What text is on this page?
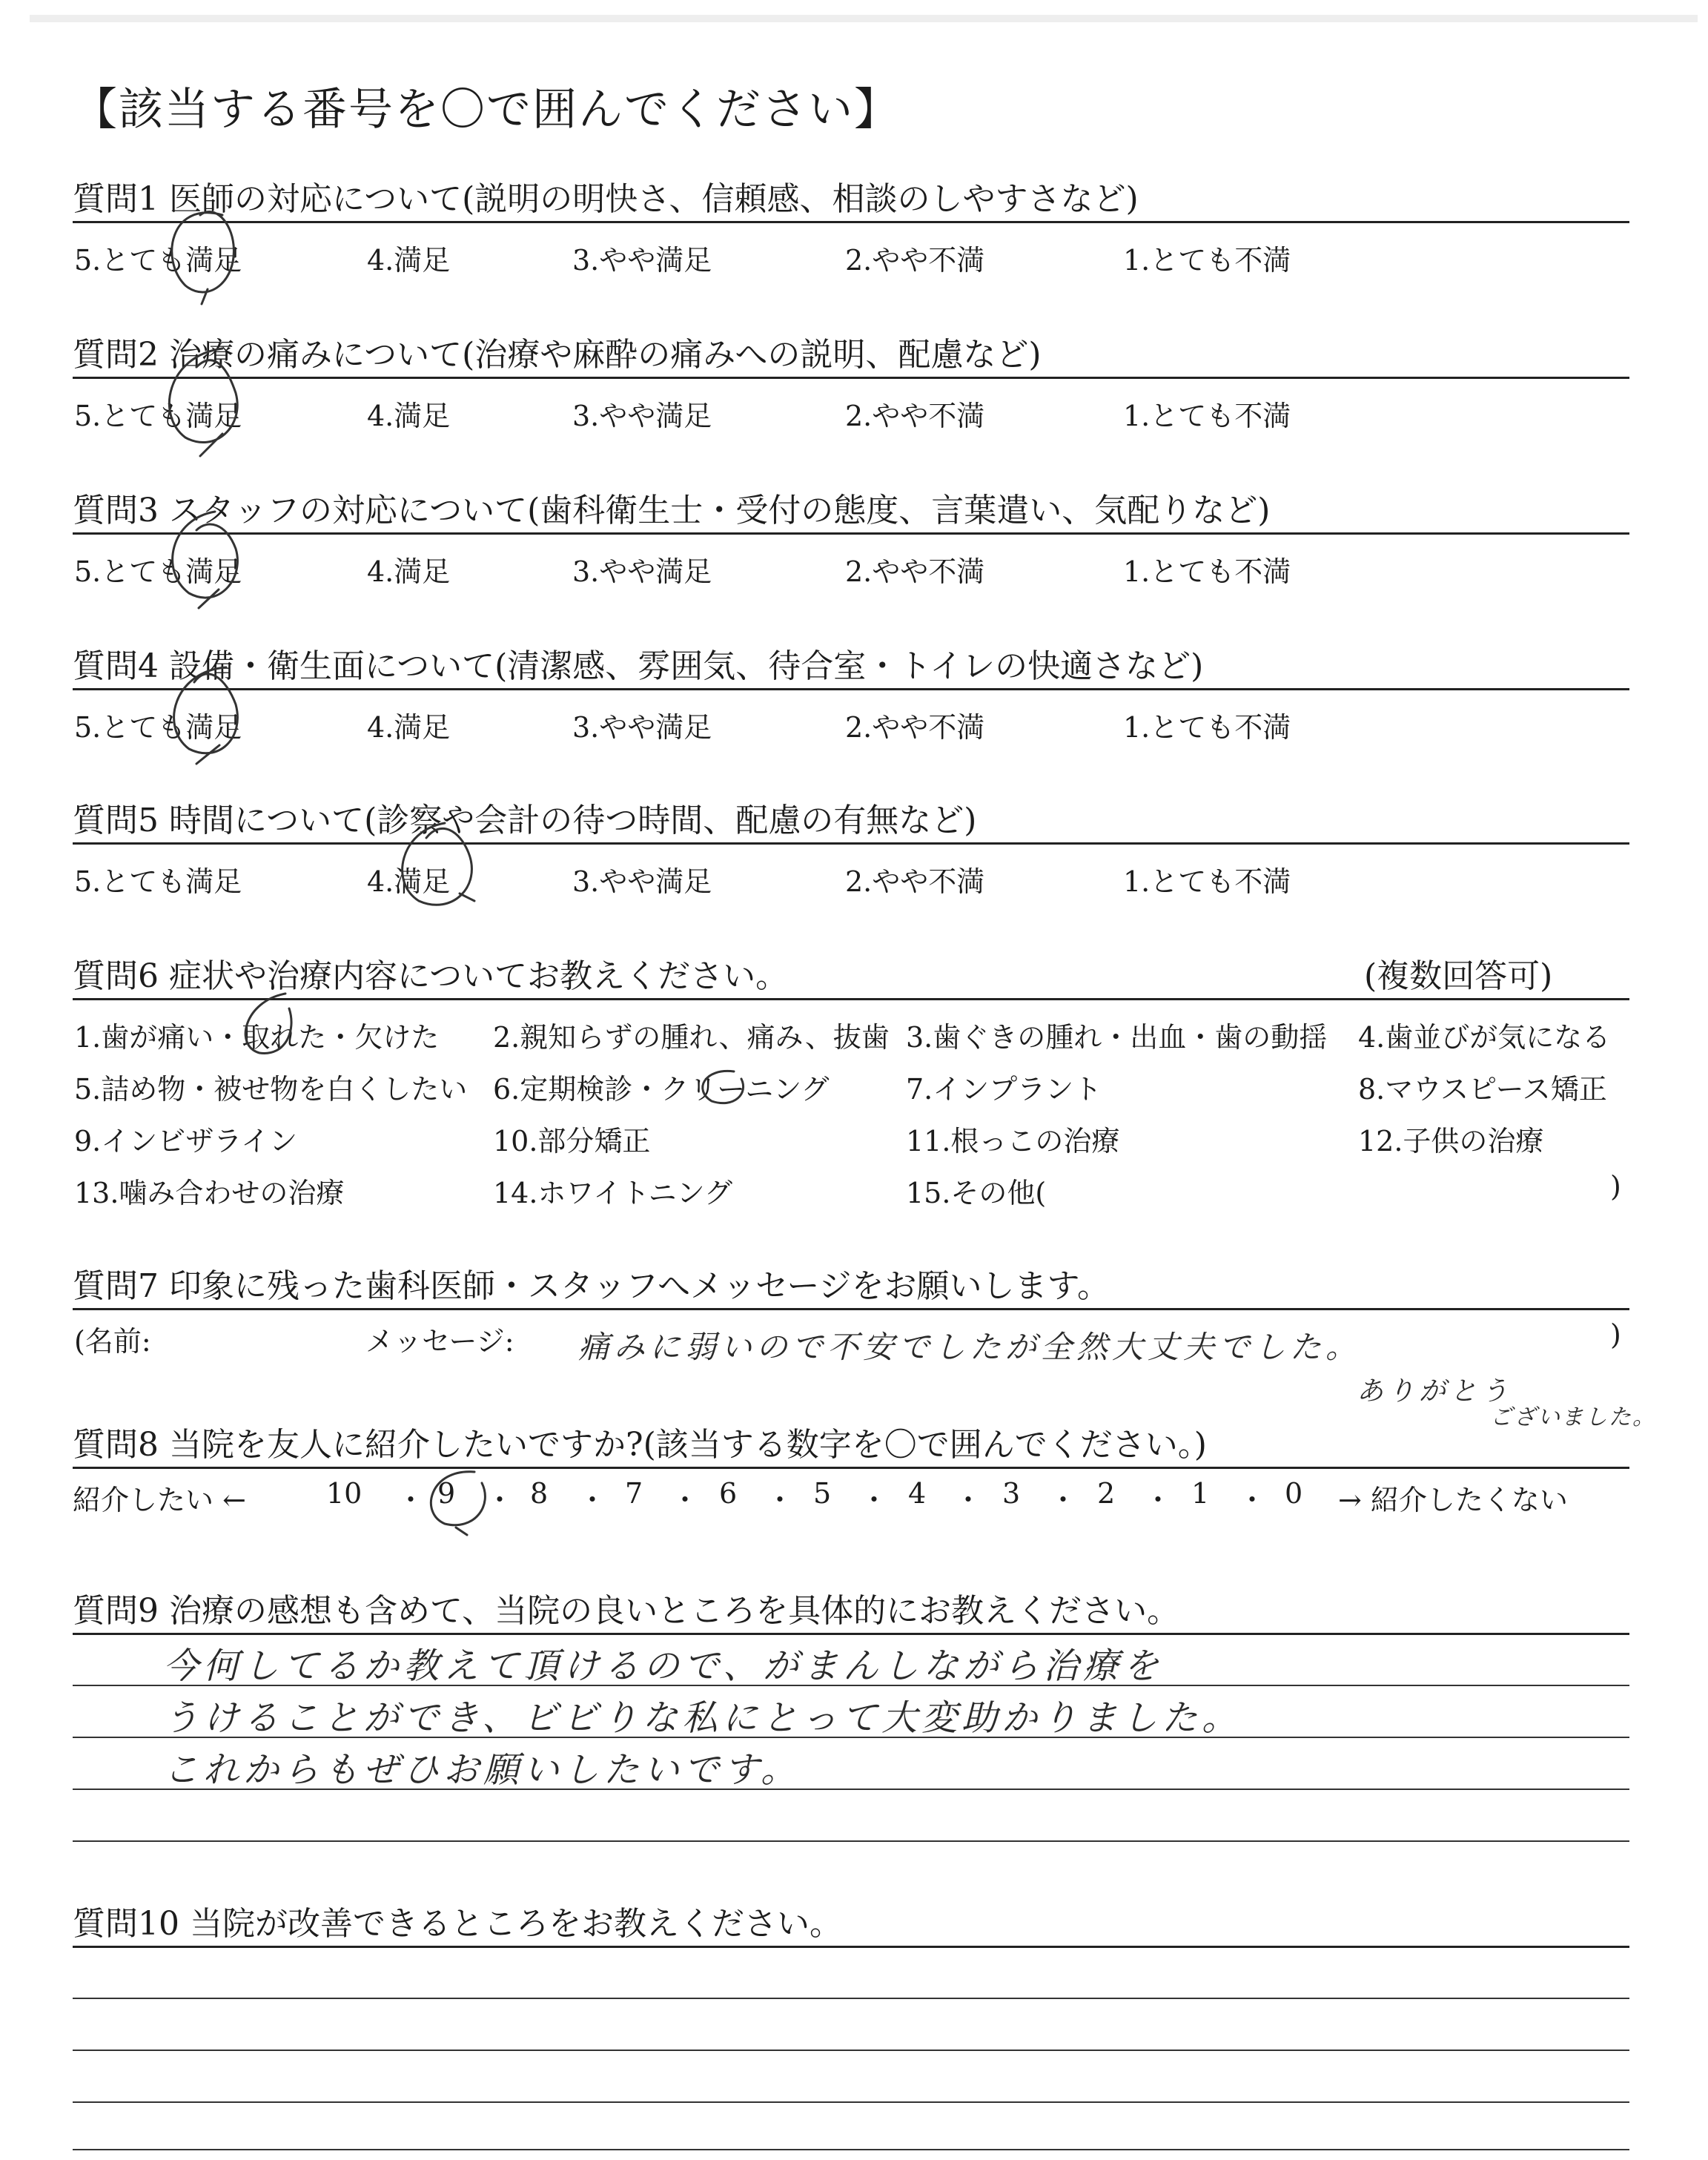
【該当する番号を〇で囲んでください】
質問1 医師の対応について(説明の明快さ、信頼感、相談のしやすさなど)
5.とても満足	4.満足	3.やや満足	2.やや不満	1.とても不満
質問2 治療の痛みについて(治療や麻酔の痛みへの説明、配慮など)
5.とても満足	4.満足	3.やや満足	2.やや不満	1.とても不満
質問3 スタッフの対応について(歯科衛生士・受付の態度、言葉遣い、気配りなど)
5.とても満足	4.満足	3.やや満足	2.やや不満	1.とても不満
質問4 設備・衛生面について(清潔感、雰囲気、待合室・トイレの快適さなど)
5.とても満足	4.満足	3.やや満足	2.やや不満	1.とても不満
質問5 時間について(診察や会計の待つ時間、配慮の有無など)
5.とても満足	4.満足	3.やや満足	2.やや不満	1.とても不満
質問6 症状や治療内容についてお教えください。	(複数回答可)
1.歯が痛い・取れた・欠けた 2.親知らずの腫れ、痛み、抜歯 3.歯ぐきの腫れ・出血・歯の動揺 4.歯並びが気になる
5.詰め物・被せ物を白くしたい 6.定期検診・クリーニング	7.インプラント	8.マウスピース矯正
9.インビザライン	10.部分矯正	11.根っこの治療	12.子供の治療
13.噛み合わせの治療	14.ホワイトニング	15.その他(	)
質問7 印象に残った歯科医師・スタッフへメッセージをお願いします。
(名前:	メッセージ:	)
痛みに弱いので不安でしたが全然大丈夫でした。
ありがとう
ございました。
質問8 当院を友人に紹介したいですか?(該当する数字を〇で囲んでください。)
紹介したい ←	10 ・ 9 ・ 8 ・ 7 ・ 6 ・ 5 ・ 4 ・ 3 ・ 2 ・ 1 ・ 0 → 紹介したくない
質問9 治療の感想も含めて、当院の良いところを具体的にお教えください。
今何してるか教えて頂けるので、がまんしながら治療を
うけることができ、ビビりな私にとって大変助かりました。
これからもぜひお願いしたいです。
質問10 当院が改善できるところをお教えください。
